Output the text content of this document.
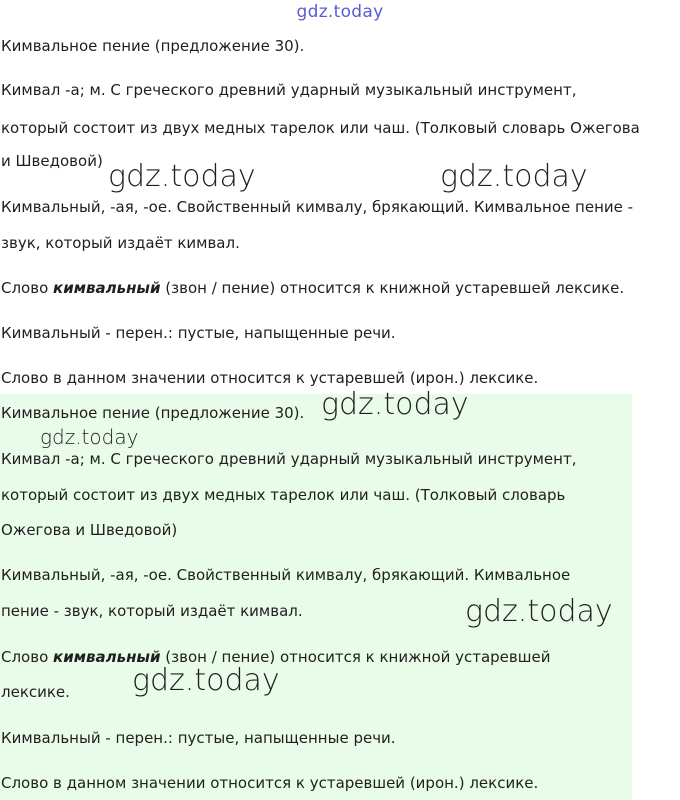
gdz.today
Кимвальное пение (предложение 30).
Кимвал -а; м. С греческого древний ударный музыкальный инструмент,
который состоит из двух медных тарелок или чаш. (Толковый словарь Ожегова
и Шведовой)
Кимвальный, -ая, -ое. Свойственный кимвалу, брякающий. Кимвальное пение -
звук, который издаёт кимвал.
Слово кимвальный (звон / пение) относится к книжной устаревшей лексике.
Кимвальный - перен.: пустые, напыщенные речи.
Слово в данном значении относится к устаревшей (ирон.) лексике.
Кимвальное пение (предложение 30).
Кимвал -а; м. С греческого древний ударный музыкальный инструмент,
который состоит из двух медных тарелок или чаш. (Толковый словарь
Ожегова и Шведовой)
Кимвальный, -ая, -ое. Свойственный кимвалу, брякающий. Кимвальное
пение - звук, который издаёт кимвал.
Слово кимвальный (звон / пение) относится к книжной устаревшей
лексике.
Кимвальный - перен.: пустые, напыщенные речи.
Слово в данном значении относится к устаревшей (ирон.) лексике.
gdz.today	gdz.today
gdz.today
gdz.today
gdz.today
gdz.today
